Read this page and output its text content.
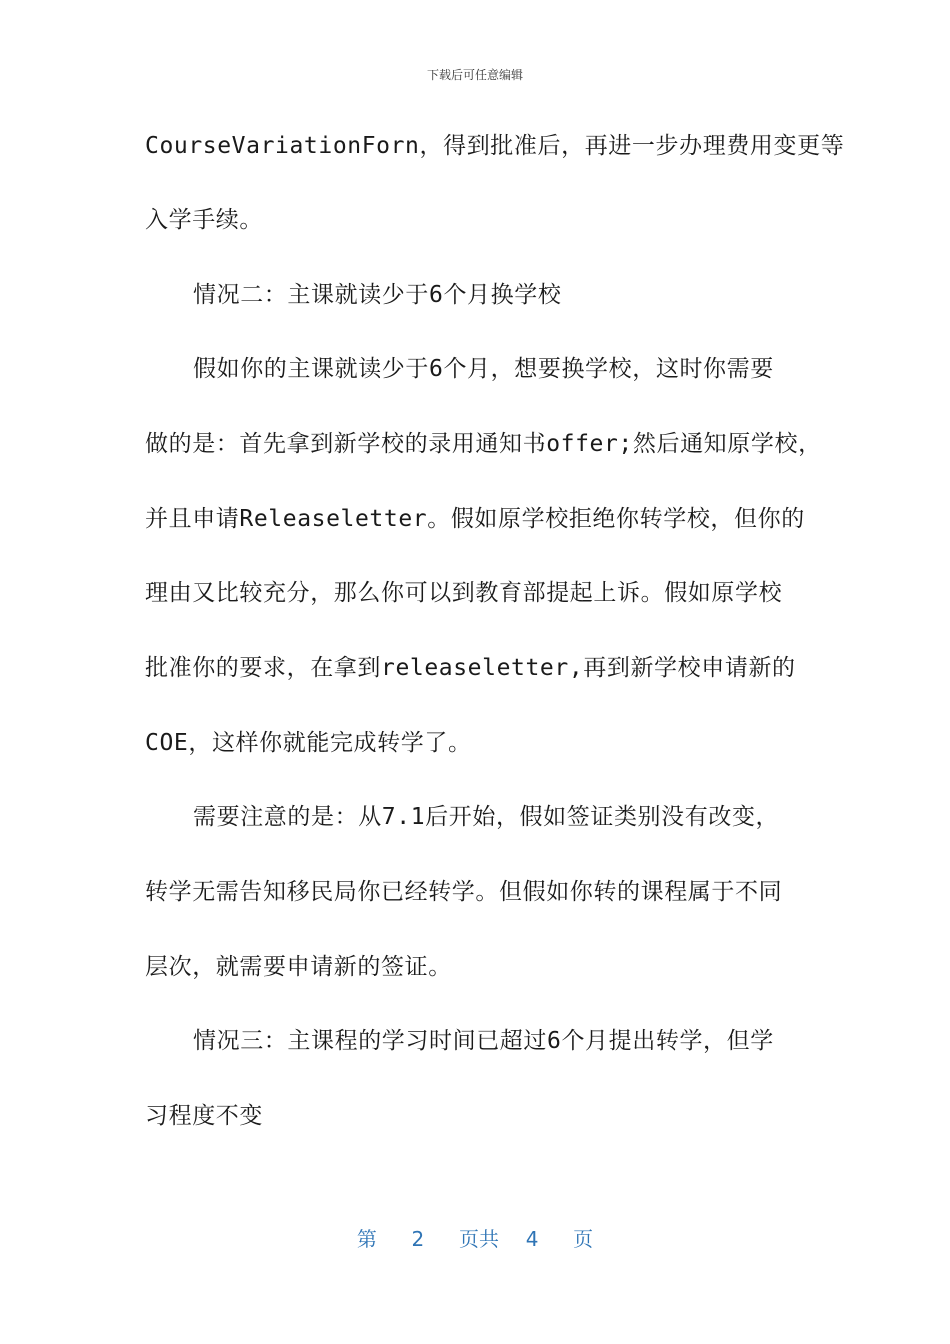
下载后可任意编辑
CourseVariationForn，得到批准后，再进一步办理费用变更等
入学手续。
情况二：主课就读少于6个月换学校
假如你的主课就读少于6个月，想要换学校，这时你需要
做的是：首先拿到新学校的录用通知书offer;然后通知原学校，
并且申请Releaseletter。假如原学校拒绝你转学校，但你的
理由又比较充分，那么你可以到教育部提起上诉。假如原学校
批准你的要求，在拿到releaseletter,再到新学校申请新的
COE，这样你就能完成转学了。
需要注意的是：从7.1后开始，假如签证类别没有改变，
转学无需告知移民局你已经转学。但假如你转的课程属于不同
层次，就需要申请新的签证。
情况三：主课程的学习时间已超过6个月提出转学，但学
习程度不变
第 2 页共 4 页
